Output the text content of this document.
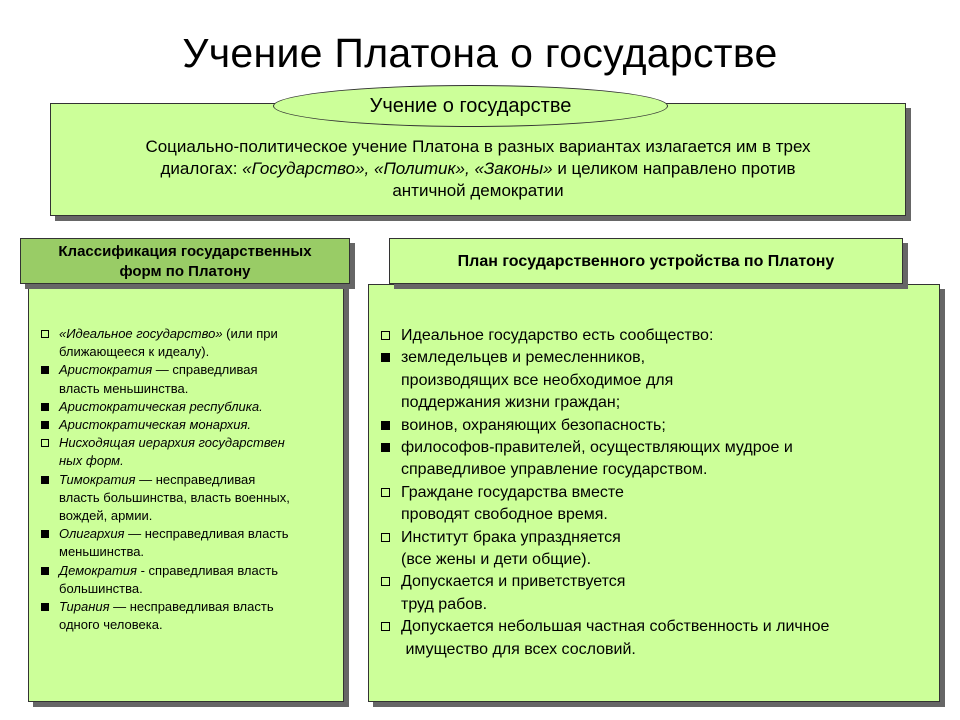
Учение Платона о государстве
Социально-политическое учение Платона в разных вариантах излагается им в трех
диалогах: «Государство», «Политик», «Законы» и целиком направлено против
античной демократии
Учение о государстве
«Идеальное государство» (или при
ближающееся к идеалу).
Аристократия — справедливая
власть меньшинства.
Аристократическая республика.
Аристократическая монархия.
Нисходящая иерархия государствен
ных форм.
Тимократия — несправедливая
власть большинства, власть военных,
вождей, армии.
Олигархия — несправедливая власть
меньшинства.
Демократия - справедливая власть
большинства.
Тирания — несправедливая власть
одного человека.
Классификация государственных
форм по Платону
Идеальное государство есть сообщество:
земледельцев и ремесленников,
производящих все необходимое для
поддержания жизни граждан;
воинов, охраняющих безопасность;
философов-правителей, осуществляющих мудрое и
справедливое управление государством.
Граждане государства вместе
проводят свободное время.
Институт брака упраздняется
(все жены и дети общие).
Допускается и приветствуется
труд рабов.
Допускается небольшая частная собственность и личное
имущество для всех сословий.
План государственного устройства по Платону
